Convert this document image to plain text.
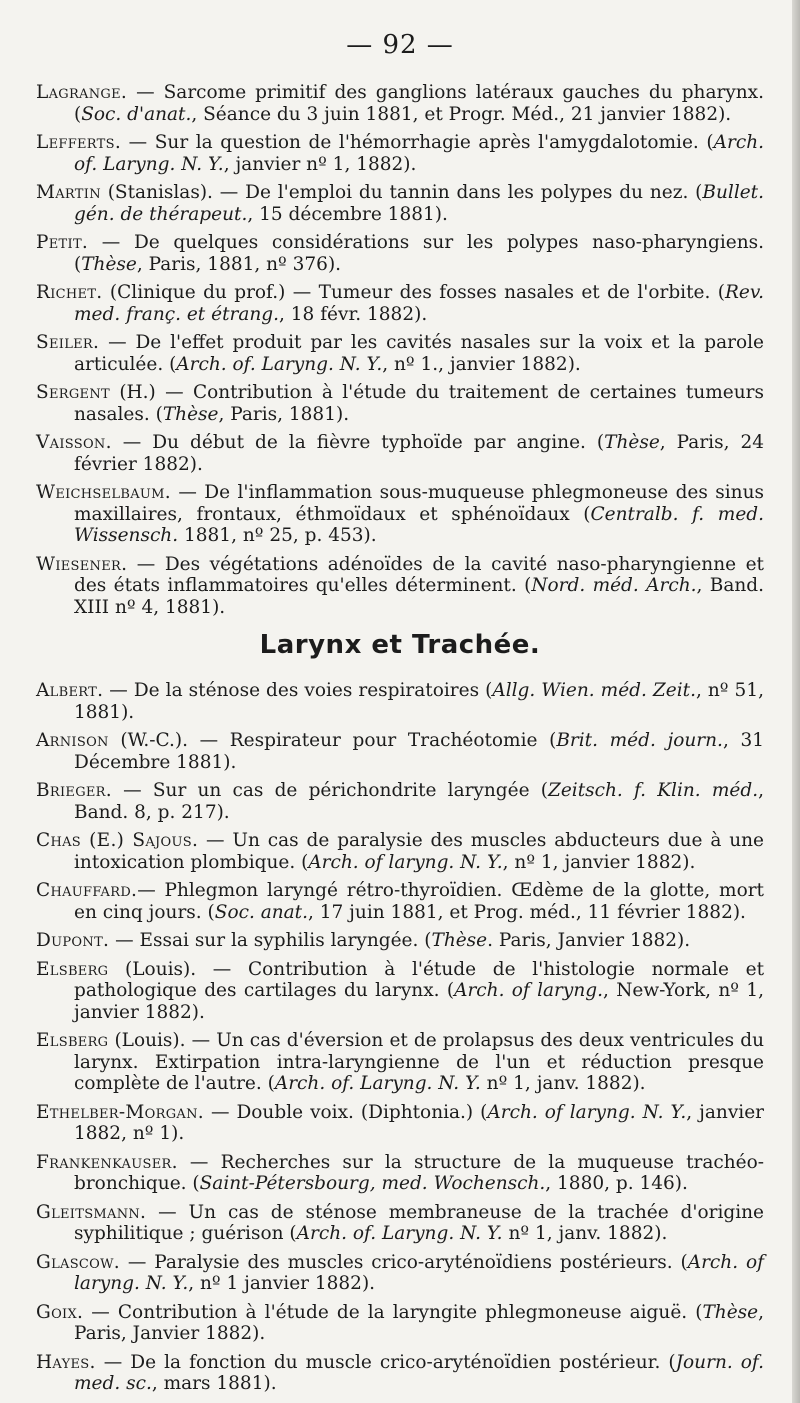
— 92 —

Lagrange. — Sarcome primitif des ganglions latéraux gauches du pharynx. (Soc. d'anat., Séance du 3 juin 1881, et Progr. Méd., 21 janvier 1882).

Lefferts. — Sur la question de l'hémorrhagie après l'amygdalotomie. (Arch. of. Laryng. N. Y., janvier nº 1, 1882).

Martin (Stanislas). — De l'emploi du tannin dans les polypes du nez. (Bullet. gén. de thérapeut., 15 décembre 1881).

Petit. — De quelques considérations sur les polypes naso-pharyngiens. (Thèse, Paris, 1881, nº 376).

Richet. (Clinique du prof.) — Tumeur des fosses nasales et de l'orbite. (Rev. med. franç. et étrang., 18 févr. 1882).

Seiler. — De l'effet produit par les cavités nasales sur la voix et la parole articulée. (Arch. of. Laryng. N. Y., nº 1., janvier 1882).

Sergent (H.) — Contribution à l'étude du traitement de certaines tumeurs nasales. (Thèse, Paris, 1881).

Vaisson. — Du début de la fièvre typhoïde par angine. (Thèse, Paris, 24 février 1882).

Weichselbaum. — De l'inflammation sous-muqueuse phlegmoneuse des sinus maxillaires, frontaux, éthmoïdaux et sphénoïdaux (Centralb. f. med. Wissensch. 1881, nº 25, p. 453).

Wiesener. — Des végétations adénoïdes de la cavité naso-pharyngienne et des états inflammatoires qu'elles déterminent. (Nord. méd. Arch., Band. XIII nº 4, 1881).

Larynx et Trachée.

Albert. — De la sténose des voies respiratoires (Allg. Wien. méd. Zeit., nº 51, 1881).

Arnison (W.-C.). — Respirateur pour Trachéotomie (Brit. méd. journ., 31 Décembre 1881).

Brieger. — Sur un cas de périchondrite laryngée (Zeitsch. f. Klin. méd., Band. 8, p. 217).

Chas (E.) Sajous. — Un cas de paralysie des muscles abducteurs due à une intoxication plombique. (Arch. of laryng. N. Y., nº 1, janvier 1882).

Chauffard.— Phlegmon laryngé rétro-thyroïdien. Œdème de la glotte, mort en cinq jours. (Soc. anat., 17 juin 1881, et Prog. méd., 11 février 1882).

Dupont. — Essai sur la syphilis laryngée. (Thèse. Paris, Janvier 1882).

Elsberg (Louis). — Contribution à l'étude de l'histologie normale et pathologique des cartilages du larynx. (Arch. of laryng., New-York, nº 1, janvier 1882).

Elsberg (Louis). — Un cas d'éversion et de prolapsus des deux ventricules du larynx. Extirpation intra-laryngienne de l'un et réduction presque complète de l'autre. (Arch. of. Laryng. N. Y. nº 1, janv. 1882).

Ethelber-Morgan. — Double voix. (Diphtonia.) (Arch. of laryng. N. Y., janvier 1882, nº 1).

Frankenkauser. — Recherches sur la structure de la muqueuse trachéo-bronchique. (Saint-Pétersbourg, med. Wochensch., 1880, p. 146).

Gleitsmann. — Un cas de sténose membraneuse de la trachée d'origine syphilitique ; guérison (Arch. of. Laryng. N. Y. nº 1, janv. 1882).

Glascow. — Paralysie des muscles crico-aryténoïdiens postérieurs. (Arch. of laryng. N. Y., nº 1 janvier 1882).

Goix. — Contribution à l'étude de la laryngite phlegmoneuse aiguë. (Thèse, Paris, Janvier 1882).

Hayes. — De la fonction du muscle crico-aryténoïdien postérieur. (Journ. of. med. sc., mars 1881).
